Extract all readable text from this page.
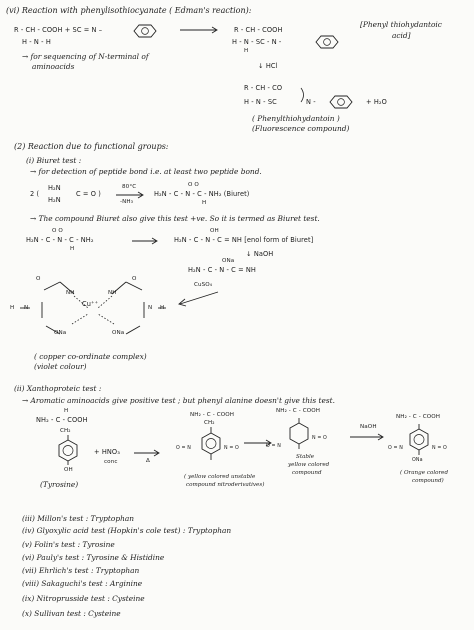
(vi) Reaction with phenylisothiocyanate ( Edman's reaction):
R - CH - COOH + SC = N –
H - N - H
→ R - CH - COOH
H - N - SC - N -
H
[Phenyl thiohydantoic
acid]
→ for sequencing of N-terminal of
aminoacids	↓ HCl
R - CH - CO
H - N - SC	N -	+ H₂O
( Phenylthiohydantoin )
(Fluorescence compound)
(2) Reaction due to functional groups:
(i) Biuret test :
→ for detection of peptide bond i.e. at least two peptide bond.
2 (
H₂N
H₂N
C = O )
80°C
-NH₃
O O
H₂N - C - N - C - NH₂ (Biuret)
H
→ The compound Biuret also give this test +ve. So it is termed as Biuret test.
O O
H₂N - C - N - C - NH₂
H
OH
H₂N - C - N - C = NH [enol form of Biuret]
↓ NaOH
ONa
H₂N - C - N - C = NH
Cu⁺⁺
O	O
NH	NH
H N	N H
ONa	ONa
CuSO₄
( copper co-ordinate complex)
(violet colour)
(ii) Xanthoproteic test :
→ Aromatic aminoacids give positive test ; but phenyl alanine doesn't give this test.
H
NH₂ - C - COOH
CH₂
OH
(Tyrosine)
+ HNO₃
conc	Δ
NH₂ - C - COOH
CH₂
O = N	N = O
( yellow colored unstable
compound nitroderivatives)
NH₂ - C - COOH
O = N
N = O
Stable
yellow colored
compound
NaOH
NH₂ - C - COOH
O = N	N = O
ONa
( Orange colored
compound)
(iii) Millon's test : Tryptophan
(iv) Glyoxylic acid test (Hopkin's cole test) : Tryptophan
(v) Folin's test : Tyrosine
(vi) Pauly's test : Tyrosine & Histidine
(vii) Ehrlich's test : Tryptophan
(viii) Sakaguchi's test : Arginine
(ix) Nitroprusside test : Cysteine
(x) Sullivan test : Cysteine
